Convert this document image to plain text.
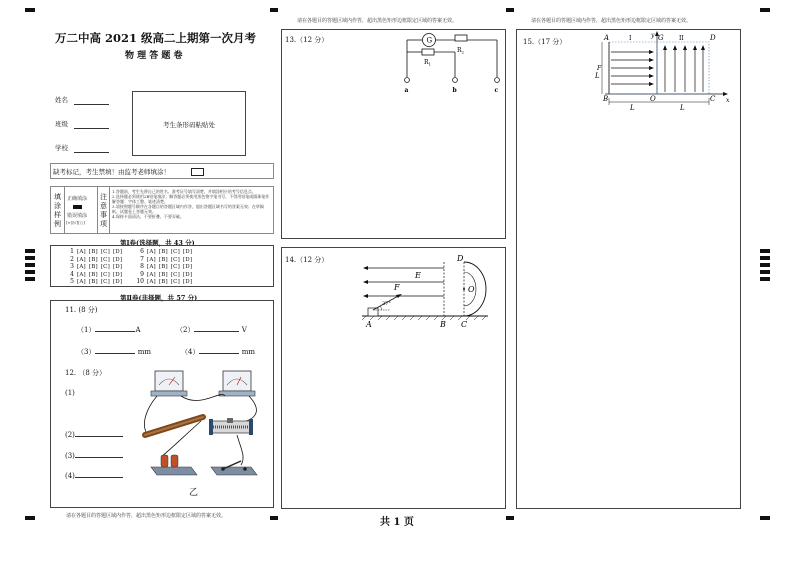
万二中高 2021 级高二上期第一次月考
物 理 答 题 卷
姓名
班级
学校
考生条形码粘贴处
缺考标记，考生禁填！由监考老师填涂！
填涂样例
正确填涂
错误填涂
[×][√][○]
注意事项
1.答题前，考生先将自己的姓名、准考证号填写清楚，并填涂相应的考号信息点。
2.选择题必须使用2B铅笔填涂；解答题必须使用黑色签字笔书写，不得用铅笔或圆珠笔作解答题：字体工整、笔迹清楚。
3.请按照题号顺序在各题目的答题区域内作答，超出答题区域书写的答案无效；在草稿纸、试题卷上答题无效。
4.保持卡面清洁，不要折叠，不要弄破。
第Ⅰ卷(选择题，共 43 分)
1 [A] [B] [C] [D]
2 [A] [B] [C] [D]
3 [A] [B] [C] [D]
4 [A] [B] [C] [D]
5 [A] [B] [C] [D]
6 [A] [B] [C] [D]
7 [A] [B] [C] [D]
8 [A] [B] [C] [D]
9 [A] [B] [C] [D]
10 [A] [B] [C] [D]
第Ⅱ卷(非择题，共 57 分)
11. (8 分)
（1）	A	（2）	V
（3）	mm	（4）	mm
12. （8 分）
(1)
(2)
(3)
(4)
乙
请在各题目的答题区域内作答，超出黑色矩形边框限定区域的答案无效。
共 1 页
请在各题目的答题区域内作答，超出黑色矩形边框限定区域的答案无效。
13.（12 分）	G
$R_1$
$R_2$
a	b	c
14.（12 分）	D
E
F
37°
O
A	B C
请在各题目的答题区域内作答，超出黑色矩形边框限定区域的答案无效。
15.（17 分）	A	I	G	II	D
y
x
F
B	O	C
L	L
L
